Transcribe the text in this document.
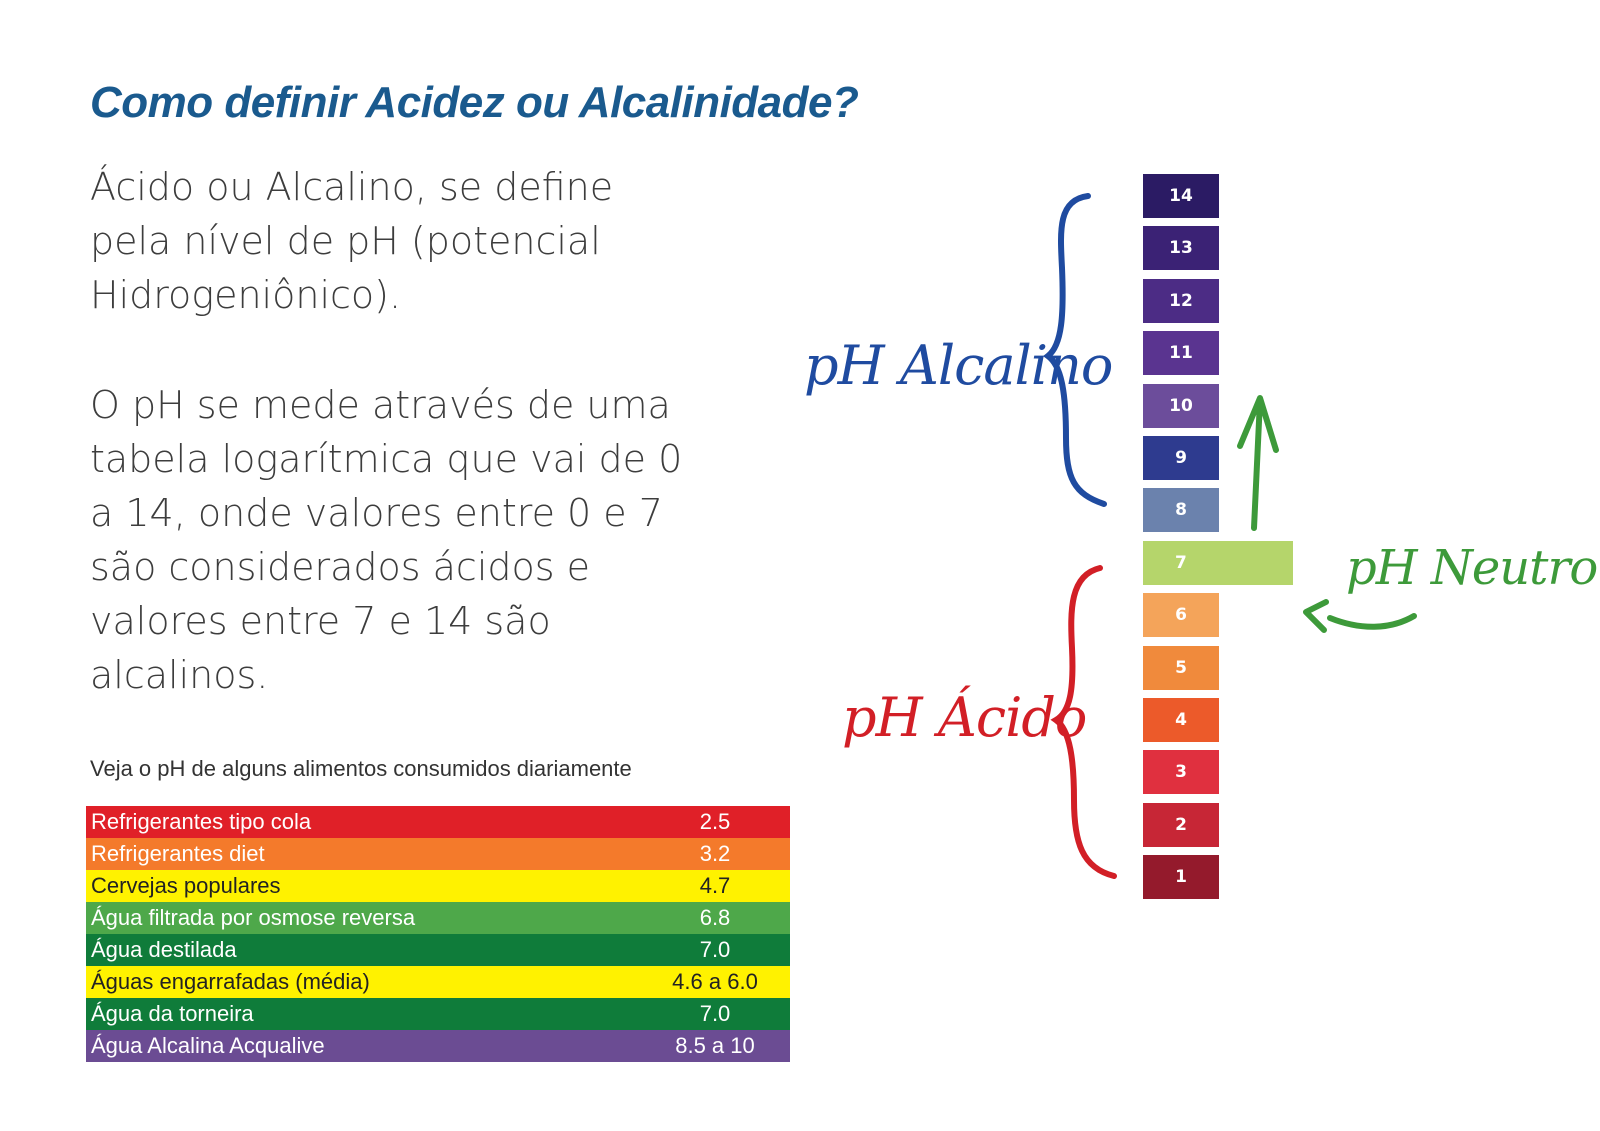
Como definir Acidez ou Alcalinidade?

Ácido ou Alcalino, se define
pela nível de pH (potencial
Hidrogeniônico).

O pH se mede através de uma
tabela logarítmica que vai de 0
a 14, onde valores entre 0 e 7
são considerados ácidos e
valores entre 7 e 14 são
alcalinos.

Veja o pH de alguns alimentos consumidos diariamente

Refrigerantes tipo cola	2.5
Refrigerantes diet	3.2
Cervejas populares	4.7
Água filtrada por osmose reversa	6.8
Água destilada	7.0
Águas engarrafadas (média)	4.6 a 6.0
Água da torneira	7.0
Água Alcalina Acqualive	8.5 a 10
14
13
12
11
10
9
8
7
6
5
4
3
2
1
pH Alcalino
pH Ácido
pH Neutro
